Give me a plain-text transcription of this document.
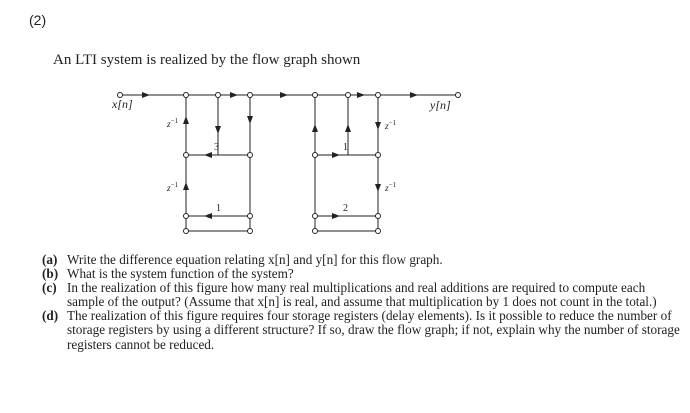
(2)
An LTI system is realized by the flow graph shown
x[n]	y[n]
$z^{-1}$
$z^{-1}$
$z^{-1}$
$z^{-1}$
3	1
1	2
(a) Write the difference equation relating x[n] and y[n] for this flow graph.
(b) What is the system function of the system?
(c) In the realization of this figure how many real multiplications and real additions are required to compute each sample of the output? (Assume that x[n] is real, and assume that multiplication by 1 does not count in the total.)
(d) The realization of this figure requires four storage registers (delay elements). Is it possible to reduce the number of storage registers by using a different structure? If so, draw the flow graph; if not, explain why the number of storage registers cannot be reduced.
